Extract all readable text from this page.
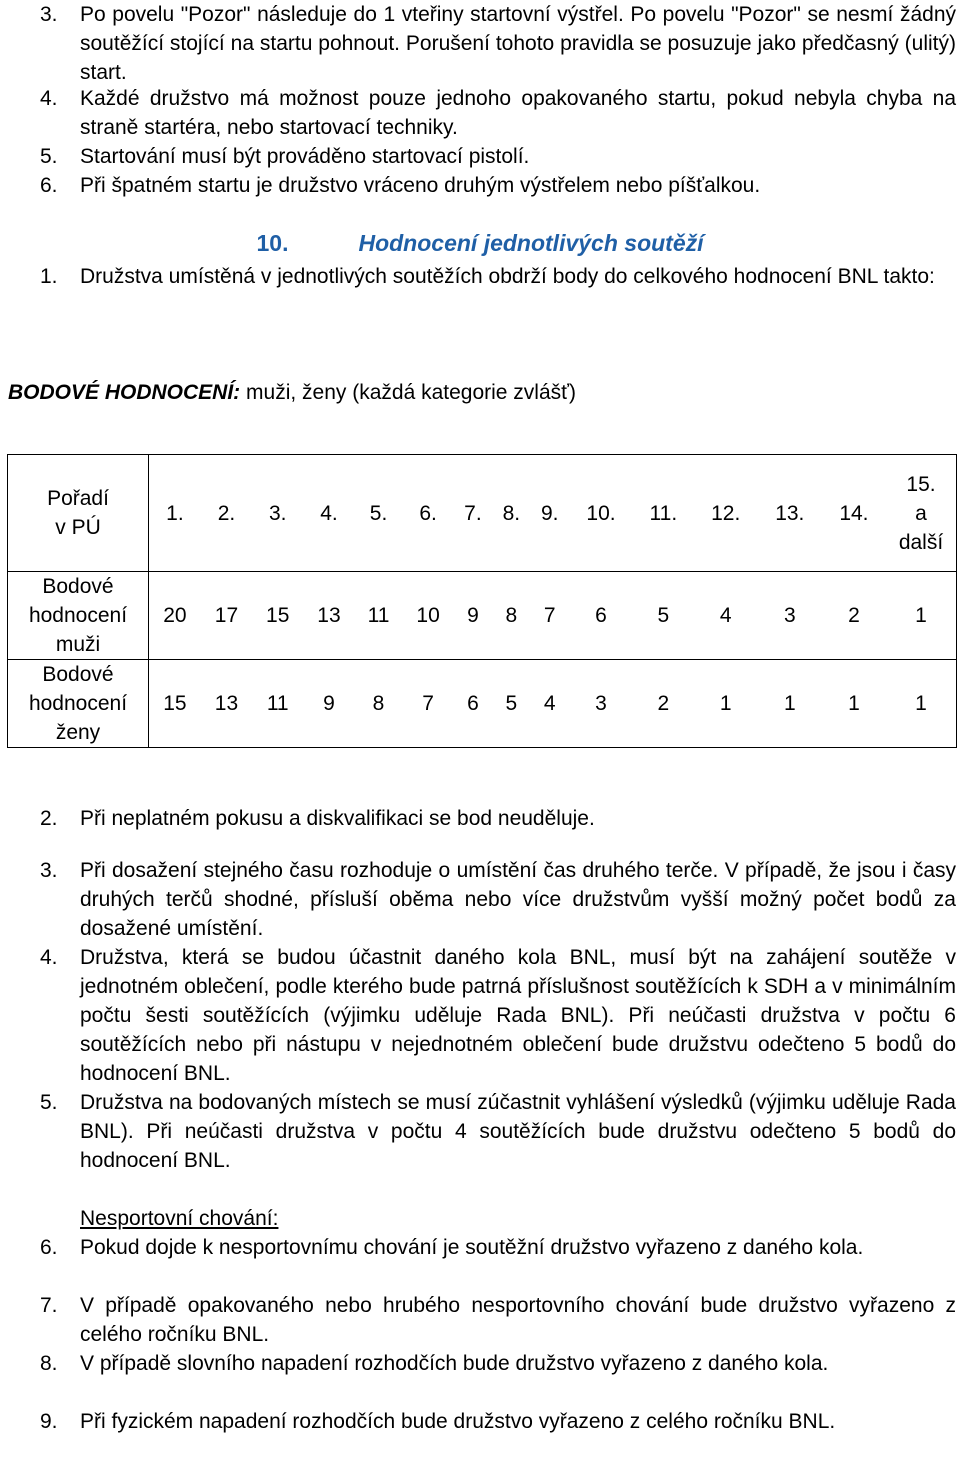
3. Po povelu "Pozor" následuje do 1 vteřiny startovní výstřel. Po povelu "Pozor" se nesmí žádný soutěžící stojící na startu pohnout. Porušení tohoto pravidla se posuzuje jako předčasný (ulitý) start.
4. Každé družstvo má možnost pouze jednoho opakovaného startu, pokud nebyla chyba na straně startéra, nebo startovací techniky.
5. Startování musí být prováděno startovací pistolí.
6. Při špatném startu je družstvo vráceno druhým výstřelem nebo píšťalkou.
10.	Hodnocení jednotlivých soutěží
1. Družstva umístěná v jednotlivých soutěžích obdrží body do celkového hodnocení BNL takto:
BODOVÉ HODNOCENÍ: muži, ženy (každá kategorie zvlášť)
Pořadí
v PÚ	1.	2.	3.	4.	5.	6.	7.	8.	9.	10.	11.	12.	13.	14.	15.
a
další
Bodové
hodnocení
muži	20	17	15	13	11	10	9	8	7	6	5	4	3	2	1
Bodové
hodnocení
ženy	15	13	11	9	8	7	6	5	4	3	2	1	1	1	1
2. Při neplatném pokusu a diskvalifikaci se bod neuděluje.
3. Při dosažení stejného času rozhoduje o umístění čas druhého terče. V případě, že jsou i časy druhých terčů shodné, přísluší oběma nebo více družstvům vyšší možný počet bodů za dosažené umístění.
4. Družstva, která se budou účastnit daného kola BNL, musí být na zahájení soutěže v jednotném oblečení, podle kterého bude patrná příslušnost soutěžících k SDH a v minimálním počtu šesti soutěžících (výjimku uděluje Rada BNL). Při neúčasti družstva v počtu 6 soutěžících nebo při nástupu v nejednotném oblečení bude družstvu odečteno 5 bodů do hodnocení BNL.
5. Družstva na bodovaných místech se musí zúčastnit vyhlášení výsledků (výjimku uděluje Rada BNL). Při neúčasti družstva v počtu 4 soutěžících bude družstvu odečteno 5 bodů do hodnocení BNL.
Nesportovní chování:
6. Pokud dojde k nesportovnímu chování je soutěžní družstvo vyřazeno z daného kola.
7. V případě opakovaného nebo hrubého nesportovního chování bude družstvo vyřazeno z celého ročníku BNL.
8. V případě slovního napadení rozhodčích bude družstvo vyřazeno z daného kola.
9. Při fyzickém napadení rozhodčích bude družstvo vyřazeno z celého ročníku BNL.
